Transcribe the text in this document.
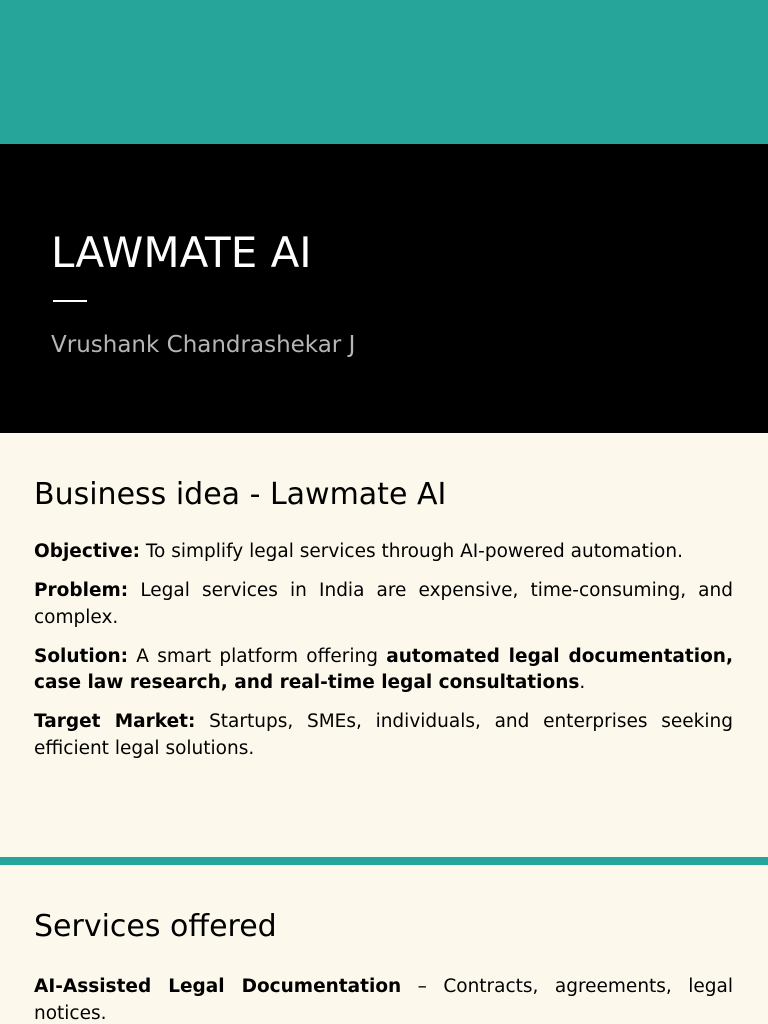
LAWMATE AI
Vrushank Chandrashekar J
Business idea - Lawmate AI

Objective: To simplify legal services through AI-powered automation.

Problem: Legal services in India are expensive, time-consuming, and complex.

Solution: A smart platform offering automated legal documentation, case law research, and real-time legal consultations.

Target Market: Startups, SMEs, individuals, and enterprises seeking efficient legal solutions.

Services offered

AI-Assisted Legal Documentation – Contracts, agreements, legal notices.
